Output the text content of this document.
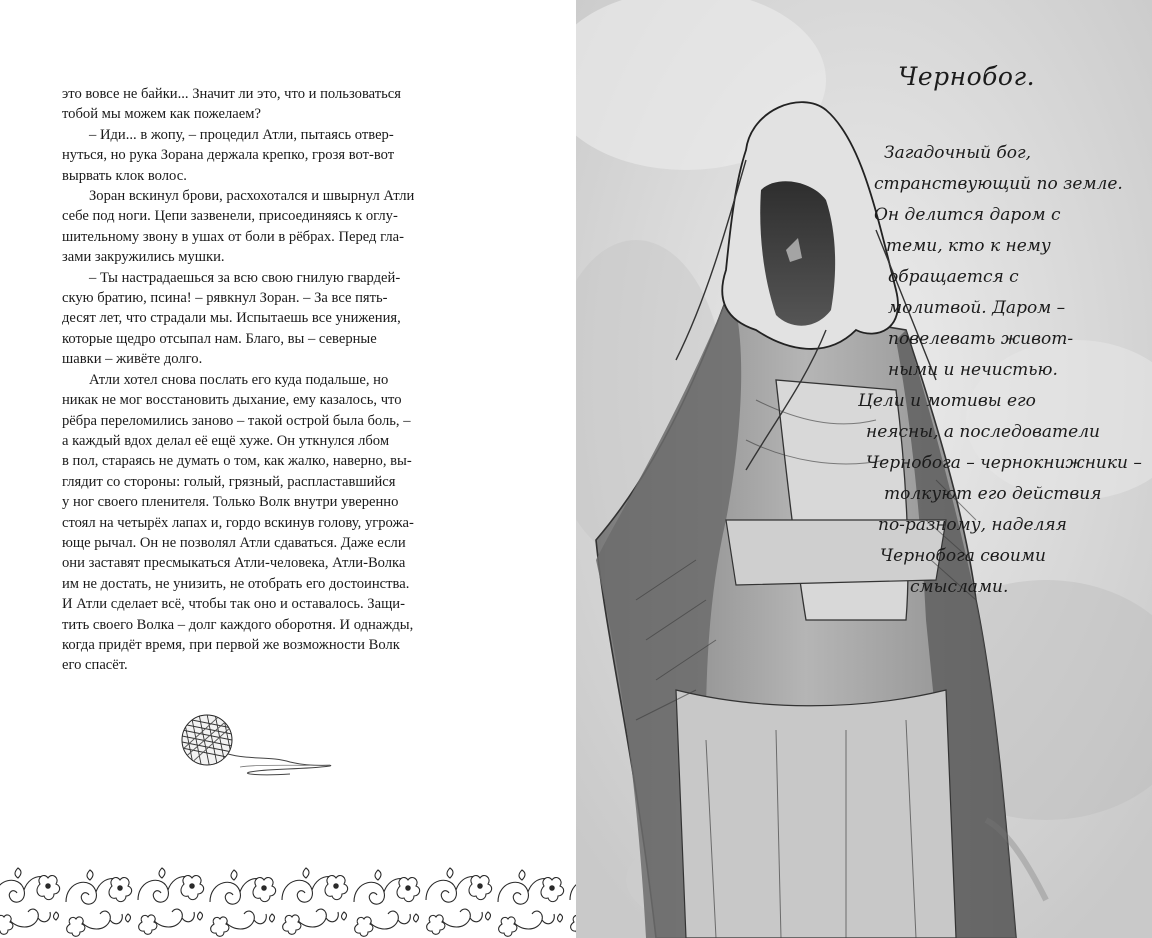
это вовсе не байки... Значит ли это, что и пользоваться
тобой мы можем как пожелаем?

– Иди... в жопу, – процедил Атли, пытаясь отвер-
нуться, но рука Зорана держала крепко, грозя вот-вот
вырвать клок волос.

Зоран вскинул брови, расхохотался и швырнул Атли
себе под ноги. Цепи зазвенели, присоединяясь к оглу-
шительному звону в ушах от боли в рёбрах. Перед гла-
зами закружились мушки.

– Ты настрадаешься за всю свою гнилую гвардей-
скую братию, псина! – рявкнул Зоран. – За все пять-
десят лет, что страдали мы. Испытаешь все унижения,
которые щедро отсыпал нам. Благо, вы – северные
шавки – живёте долго.

Атли хотел снова послать его куда подальше, но
никак не мог восстановить дыхание, ему казалось, что
рёбра переломились заново – такой острой была боль, –
а каждый вдох делал её ещё хуже. Он уткнулся лбом
в пол, стараясь не думать о том, как жалко, наверно, вы-
глядит со стороны: голый, грязный, распластавшийся
у ног своего пленителя. Только Волк внутри уверенно
стоял на четырёх лапах и, гордо вскинув голову, угрожа-
юще рычал. Он не позволял Атли сдаваться. Даже если
они заставят пресмыкаться Атли-человека, Атли-Волка
им не достать, не унизить, не отобрать его достоинства.
И Атли сделает всё, чтобы так оно и оставалось. Защи-
тить своего Волка – долг каждого оборотня. И однажды,
когда придёт время, при первой же возможности Волк
его спасёт.

Чернобог.
Загадочный бог,
странствующий по земле.
Он делится даром с
теми, кто к нему
обращается с
молитвой. Даром –
повелевать живот-
ными и нечистью.
Цели и мотивы его
неясны, а последователи
Чернобога – чернокнижники –
толкуют его действия
по-разному, наделяя
Чернобога своими
смыслами.
